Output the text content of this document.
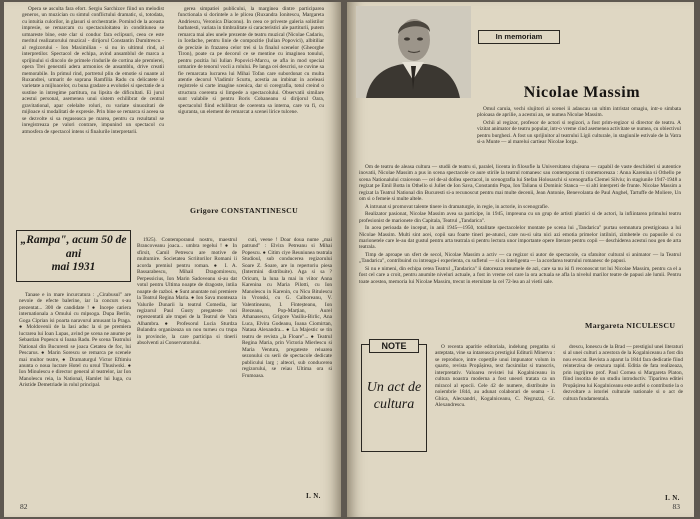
Opera se asculta fara efort. Sergiu Sarchizov fiind un melodist generos, un muzician cu simtul conflictului dramatic, si, totodata, cu intuitia culorilor, in glasuri si orchestratie. Pornind de la aceasta impresie, se remarcam cu spectaculoitatea in conditiunea se urmareste bine, este clar si conduc fara eclipsuri, ceea ce este meritul realizatorului muzical - dirijorul Constantin Dumitrescu - al regizorului - Ion Maximilian - si nu in ultimul rind, al interpretilor. Spectacol de echipa, avind ansamblul de marca a sprijinului si dincolo de primele rindurile de cortina ale premierei, opera Trei generatii adera armonios de ansamblu, drive creatii memorabile. In primul rind, portretul plin de emotie si nuante al Ruxandrei, urmarit de soprana Ramfilia Radu cu delicatete si varietate a mijloacelor, cu buna gradare a evolutiei si spectatie de a sustine in intregime partitura, nu lipsita de dificultati. Ei jurul acestui personal, asemenea unui sistem echilibrat de central gravitational, apar celelalte roluri, cu variate sinuozitati de mijloace si modalitati de expresie. Prin bine se remarca si aceea sa se dezvolte si sa regaseasca pe marea, pentru ca rezultatul se inregistreaza pe valori contrare, impunind un spectacol cu atmosfera de spectacol intens si finalurile interpretarii.

gerea simpatiei publicului, la marginea dintre participarea functionala si dorintele a le plicea (Ruxandra Ionitescu, Margareta Andriescu, Veronica Diaconu). In ceea ce priveste galeria solistilor barbatesti, variata in timbralitate si caracteristici ale partiturii, putem remarca mai ales unele prezente de teatru muzical (Nicolae Cadariu, in Iordache, pentru linie de compozitie (Iulian Popovici), albitiliar de precizie in frazarea celor trei si la finalul scenelor (Gheorghe Tiron), poate ca pe decorul ce se mentine cu imaginea tonului, pentru pozitia lui Iulian Popovici-Marcu, se afla in mod special urmarire de tenorul vocii a rolului. Pe langa cei descrisi, se cuvine sa fie remarcata lucrarea lui Mihai Tofan care subordonat cu multa atentie decorul Vladimir Scurtu, acestia au imbinat in aceleasi registrele si carte imagine scenica, dar si coregrafia, totul creind o structura coerenta si limpede a spectacolului. Observatii similare sunt valabile si pentru Boris Cobaneanu si dirijorul Oara, spectacolul fiind echilibrat de coerenta sa interna, care va fi, cu siguranta, un element de remarcat a scenei lirice tulcene.

Grigore CONSTANTINESCU
„Rampa", acum 50 de ani
mai 1931

Tanase e in mare incurcatura : „Cirabusul" are nevoie de efecte balerine, iar la concurs s-au prezentat... 300 de candidate ! ● Incepe cariera internationala a Omului cu mipsoga. Dupa Berlin, Goga Ciprian isi poarta naravurul amusant la Praga. ● Moldovenii de la Iasi aduc la si pe premiera lucrarea lui Ioan Lupas, avind pe scena ne anume pe Sebastian Popescu si Ioana Radu. Pe scena Teatrului National din Bucuresti se joaca Cetatea de foc, lui Pescarus. ● Marin Sorescu se remarca pe scenele mai multor teatre, ● Dramaturgul Victor Eftimiu anunta o noua lucrare Hotel cu ursul Thusiwski. ● Ion Minulescu e director general al teatrelor, iar Ion Manolescu reia, la National, Hamlet lui Iuga, cu Aristide Demetriade in rolul principal.

1925). Contemporanul nostru, maestrul Brancoveanu joaca... umbra regelui ! ● In sfirsit, Camil Petrescu are motive de multumire. Societatea Scriitorilor Romani ii acorda premiul pentru roman. ● I. A. Bassarabescu, Mihail Dragomirescu, Perpessicius, Ion Marin Sadoveanu si-au dat votul pentru Ultima noapte de dragoste, intiia noapte de razboi. ● Sunt anuntate noi premiere la Teatrul Regina Maria. ● Ion Sava monteaza Valurile Dunarii la teatrul Comedia, iar regizorul Paul Gusty pregateste noi reprezentatii ale trupei de la Teatrul de Vara Alhambra. ● Profesorul Lucia Sturdza Bulandra organizeaza un nou turneu cu trupa in provincie, la care participa si tinerii absolventi ai Conservatorului.

cuti, veene ! Doar doua nume „mai patrund" : Elvira Petreanu si Mihai Popescu. ● Citim ciye Reuniunea teatrala Studioul, sub conducerea regizorului Soare Z. Soare, are in repertoriu piesa (Intermini distribuite). Aga si sa ? Oricum, la luna la mai in viitor Anna Karenina cu Maria Pilotti, cu Ion Manolescu in Karenin, cu Nicu Bitulescu in Vronski, cu G. Calboreanu, V. Valentineanu, I. Finteșteanu, Ion Brezeanu, Pop-Marțian, Aurel Athanasescu, Grigore Vasiliu-Birlic, Ana Luca, Elvira Godeanu, Ioana Ciomirtan, Natasa Alexandra... ● La Majestic se tin teatru de revista „la Floare"... ● Teatrul Regina Maria, prin Victoria Mierlescu si Maria Ventura, pregateste reluarea sezonului cu serii de spectacole dedicate publicului larg ; alteori, sub conducerea regizorului, se reiau Ultima ora si Frumoasa.

I. N.
82
In memoriam
Nicolae Massim

Omul caruia, vechi slujitori ai scenei ii adaucau un ultim intristat omagiu, intr-o simbata ploioasa de aprilie, a acestui an, se numea Nicolae Massim.

Ochii al regizor, profesor de actori si regizori, a fost prim-regizor si director de teatru. A vizitat animator de teatru popular, intr-o vreme cind asemenea activitate se numea, cu obiectivul pentru burghezi. A fost un sprijinitor al teatrului Ligii culturale, in stagiunile estivale de la Vatra si-a Munte — al marelui cartiear Nicolae Iorga.

Om de teatru de aleasa cultura — studii de teatru si, paralel, licenta in filosofie la Universitatea clujeana — capabil de vaste deschideri si autentice inovatii, Nicolae Massim a pus in scena spectacole ce aure stirile la teatrul romanesc sau contemporan ti comemoreaza : Anna Karenina si Othello pe scena Nationalului craiovean — cel de-al dollea spectacol, in scenografia lui Stefan Holosaschi si scenografia Clemei Silviu; in stagiunile 1947-1948 a regizat pe Emil Botta in Othello si Juliet de Ion Sava, Constantin Popa, Ion Talianu si Dominic Stanca — si alti interpreti de frunte. Nicolae Massim a regizat la Teatrul National din Bucuresti si-a recunoscut pentru mai multe decenii, Jean Antonie, Benevolanta de Paul Anghel, Tartuffe de Moliere, Un om si o femeie si multe altele.

A intrunat si promovat talente tinere in dramaturgie, in regie, in actorie, in scenografie.

Realizator pasionat, Nicolae Massim avea sa participe, in 1945, impreuna cu un grup de artisti plastici si de actori, la infiintarea primului teatru profesionist de marionete din Capitala, Teatrul „Tandarica".

In acea perioada de inceput, in anii 1945—1950, totalitate spectacolelor montate pe scena lui „Tandarica" purtau semnatura prestigioasa a lui Nicolae Massim. Multi sint acei, copii sau foarte tineri pe-atunci, care nu-si uita nici azi emotia primelor intilniri, zimbetele cu papusile si cu marionetele care le-au dat gustul pentru arta teatrala si pentru lectura unor importante opere literare pentru copii — deschiderea acestui nou gen de arta teatrala.

Timp de aproape un sfert de secol, Nicolae Massim a activ — ca regizor si autor de spectacole, ca sfatuitor cultural si animator — la Teatrul „Tandarica", contribuind cu intreaga-i experienta, cu sufletul — si cu inteligenta — la acordarea teatrului romanesc de papusi.

Si nu e nimeni, din echipa cetea Teatrul „Tandarica" ii datoreaza renumele de azi, care sa nu isi fi reconoscut tot lui Nicolae Massim, pentru ca el a fost cel care a croit, pentru anumite niveluri actuale, a fost in vreme cel care la ora actuala se afla la nivelul marilor teatre de papusi ale lumii. Pentru toate acestea, memoria lui Nicolae Massim, trecut in eternitate la cel 72-lea an al vietii sale.

Margareta NICULESCU
NOTE
Un act de cultura

O recenta aparitie editoriala, indelung pregatita si asteptata, vine sa intareasca prestigiul Editurii Minerva : se reproduce, intre coperțile unui impunator volum in quarto, revista Propășirea, text facsimilat si transcris, interpretativ. Valoarea revistei lui Kogalniceanu in cultura noastra moderna a fost uneori tratata ca un miracol al epocii. Cele 42 de numere, distribuite in noiembrie 1844, au adunat colaborari de seama - I. Ghica, Alecsandri, Kogalniceanu, C. Negruzzi, Gr. Alexandrescu.

drescu, Ionescu de la Brad — prestigiul unei literaturi si al unei culturi a acestora de la Kogalniceanu a fost din nou evocat. Revista a aparut la 1844 fara dedicatie fiind reinterzisa de cenzura rapid. Editia de fata realizeaza, prin ingrijirea prof. Paul Cornea si Margareta Platon, fiind insotita de un studiu introductiv. Tiparirea editiei Propășirea lui Kogalniceanu este astfel o contributie la o dezvoltare a istoriei culturale nationale si o act de cultura fundamentala.

I. N.
83
